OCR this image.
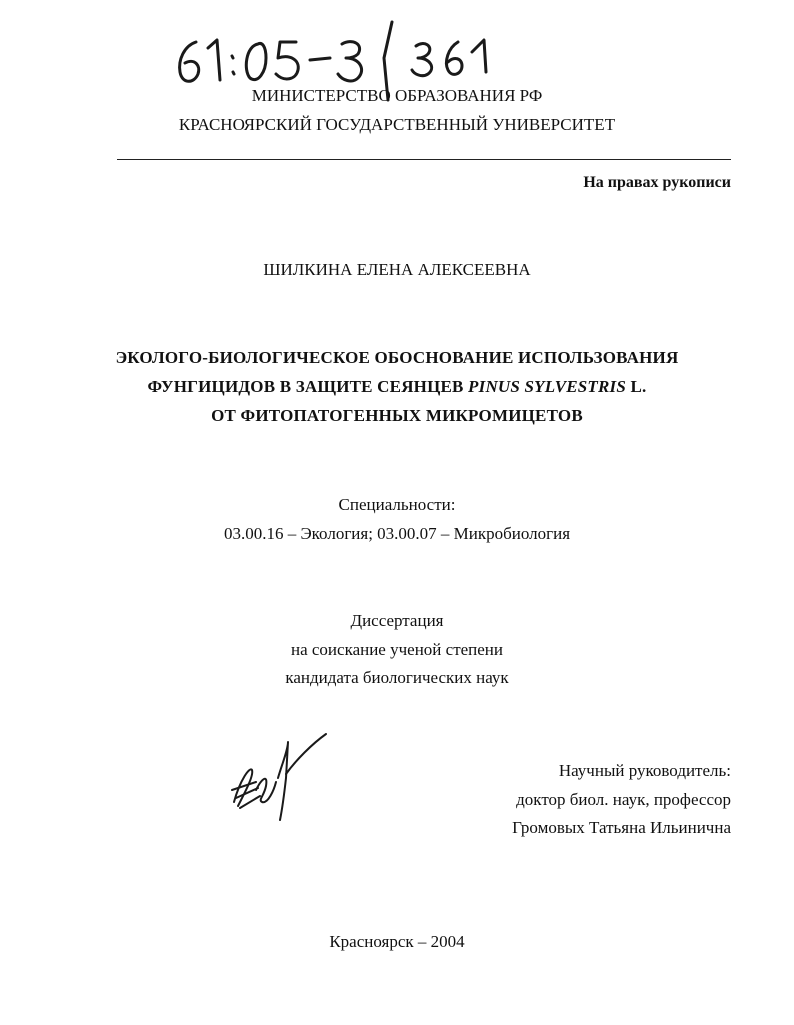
МИНИСТЕРСТВО ОБРАЗОВАНИЯ РФ
КРАСНОЯРСКИЙ ГОСУДАРСТВЕННЫЙ УНИВЕРСИТЕТ
На правах рукописи
ШИЛКИНА ЕЛЕНА АЛЕКСЕЕВНА
ЭКОЛОГО-БИОЛОГИЧЕСКОЕ ОБОСНОВАНИЕ ИСПОЛЬЗОВАНИЯ
ФУНГИЦИДОВ В ЗАЩИТЕ СЕЯНЦЕВ PINUS SYLVESTRIS L.
ОТ ФИТОПАТОГЕННЫХ МИКРОМИЦЕТОВ
Специальности:
03.00.16 – Экология; 03.00.07 – Микробиология
Диссертация
на соискание ученой степени
кандидата биологических наук
Научный руководитель:
доктор биол. наук, профессор
Громовых Татьяна Ильинична
Красноярск – 2004
